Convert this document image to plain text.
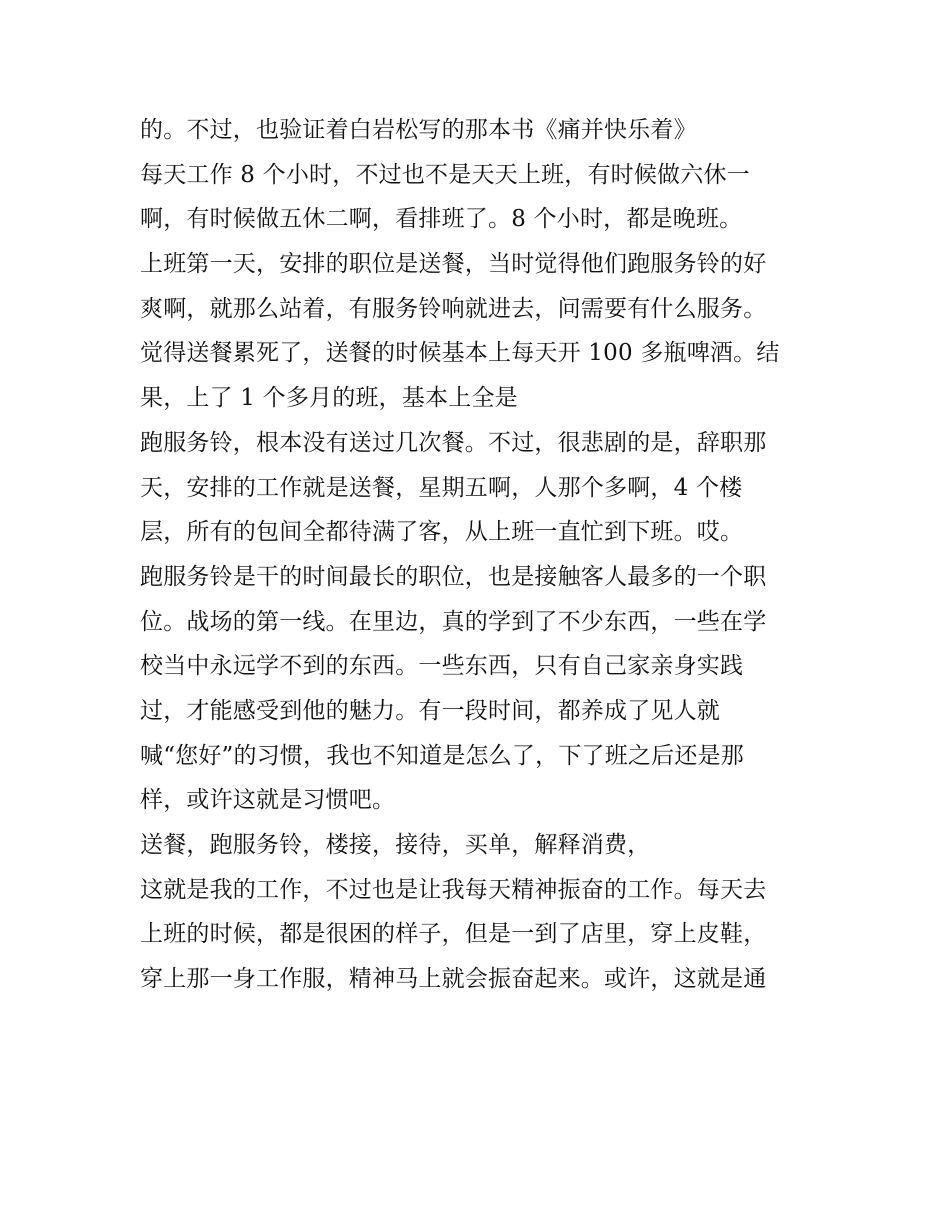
的。不过，也验证着白岩松写的那本书《痛并快乐着》
每天工作 8 个小时，不过也不是天天上班，有时候做六休一
啊，有时候做五休二啊，看排班了。8 个小时，都是晚班。
上班第一天，安排的职位是送餐，当时觉得他们跑服务铃的好
爽啊，就那么站着，有服务铃响就进去，问需要有什么服务。
觉得送餐累死了，送餐的时候基本上每天开 100 多瓶啤酒。结
果，上了 1 个多月的班，基本上全是
跑服务铃，根本没有送过几次餐。不过，很悲剧的是，辞职那
天，安排的工作就是送餐，星期五啊，人那个多啊，4 个楼
层，所有的包间全都待满了客，从上班一直忙到下班。哎。
跑服务铃是干的时间最长的职位，也是接触客人最多的一个职
位。战场的第一线。在里边，真的学到了不少东西，一些在学
校当中永远学不到的东西。一些东西，只有自己家亲身实践
过，才能感受到他的魅力。有一段时间，都养成了见人就
喊“您好”的习惯，我也不知道是怎么了，下了班之后还是那
样，或许这就是习惯吧。
送餐，跑服务铃，楼接，接待，买单，解释消费，
这就是我的工作，不过也是让我每天精神振奋的工作。每天去
上班的时候，都是很困的样子，但是一到了店里，穿上皮鞋，
穿上那一身工作服，精神马上就会振奋起来。或许，这就是通
